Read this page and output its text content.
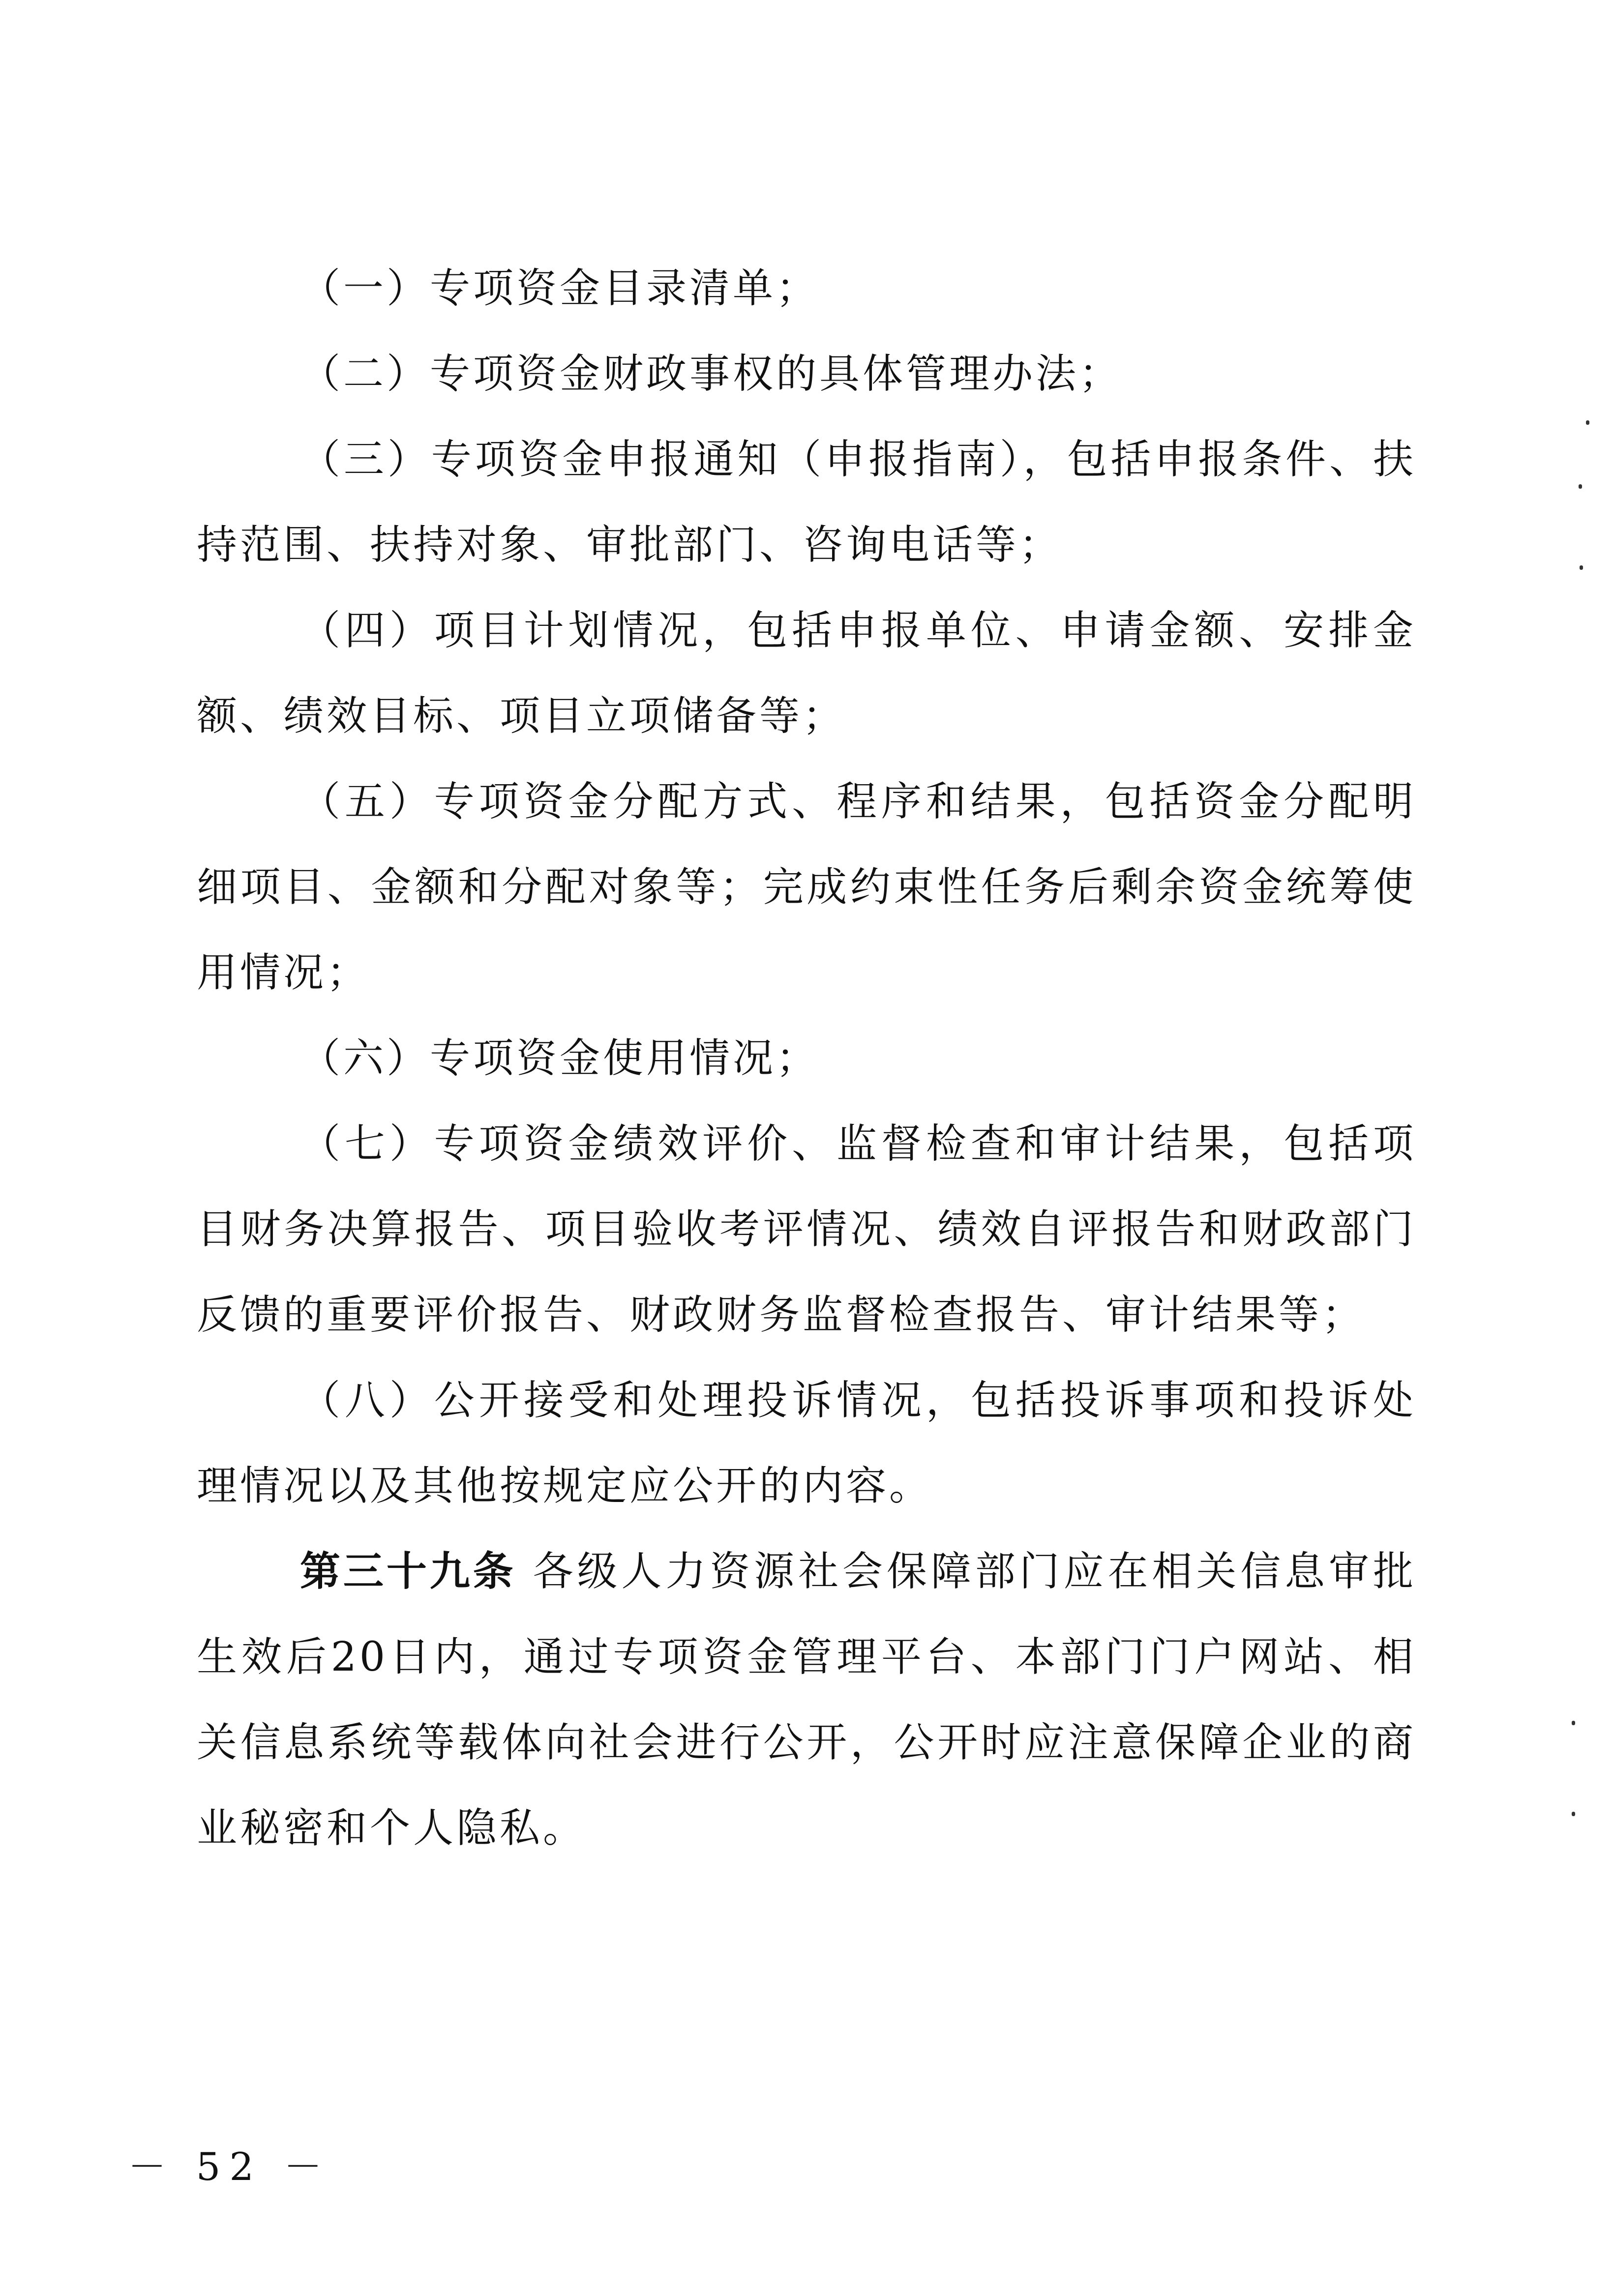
（一）专项资金目录清单；

（二）专项资金财政事权的具体管理办法；

（三）专项资金申报通知（申报指南），包括申报条件、扶持范围、扶持对象、审批部门、咨询电话等；

（四）项目计划情况，包括申报单位、申请金额、安排金额、绩效目标、项目立项储备等；

（五）专项资金分配方式、程序和结果，包括资金分配明细项目、金额和分配对象等；完成约束性任务后剩余资金统筹使用情况；

（六）专项资金使用情况；

（七）专项资金绩效评价、监督检查和审计结果，包括项目财务决算报告、项目验收考评情况、绩效自评报告和财政部门反馈的重要评价报告、财政财务监督检查报告、审计结果等；

（八）公开接受和处理投诉情况，包括投诉事项和投诉处理情况以及其他按规定应公开的内容。

第三十九条 各级人力资源社会保障部门应在相关信息审批生效后20日内，通过专项资金管理平台、本部门门户网站、相关信息系统等载体向社会进行公开，公开时应注意保障企业的商业秘密和个人隐私。

－ 52 －
